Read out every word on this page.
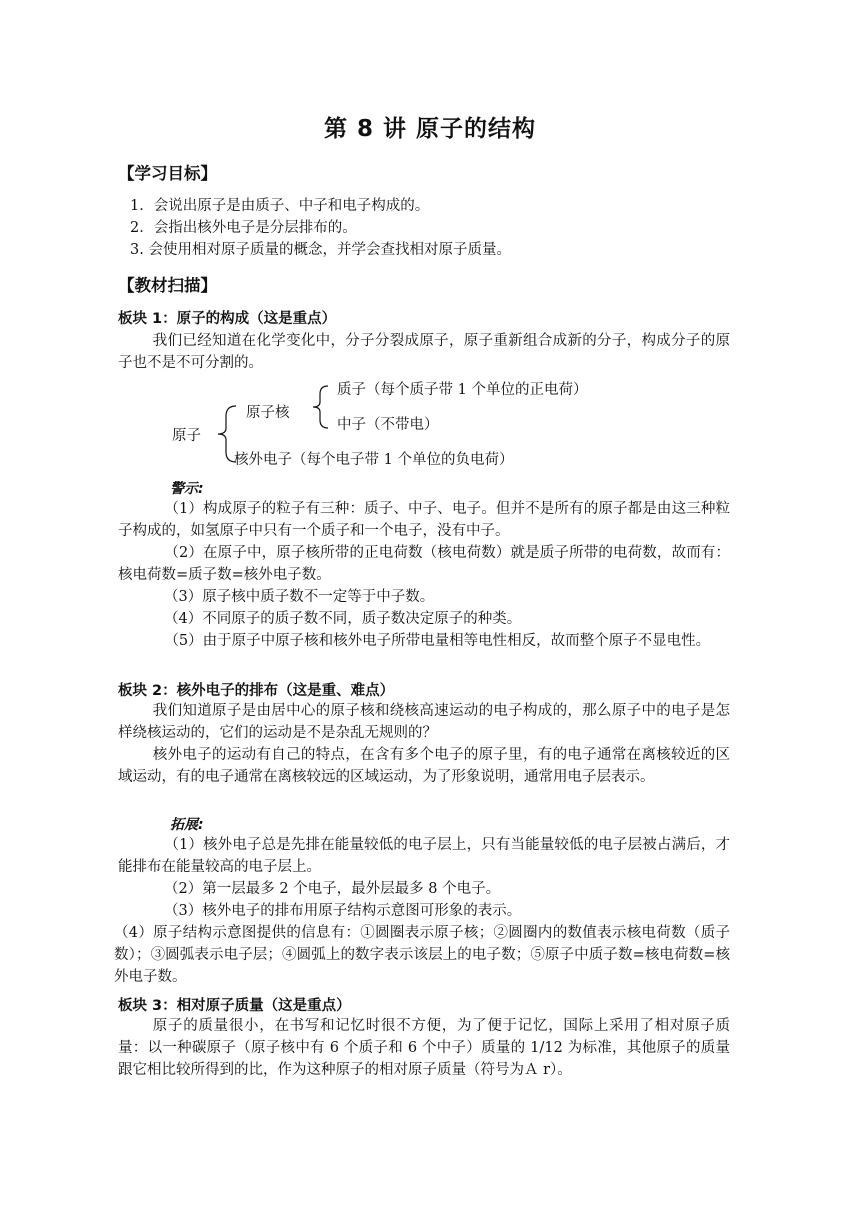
第 8 讲 原子的结构
【学习目标】
1．会说出原子是由质子、中子和电子构成的。
2．会指出核外电子是分层排布的。
3. 会使用相对原子质量的概念，并学会查找相对原子质量。
【教材扫描】
板块 1：原子的构成（这是重点）
我们已经知道在化学变化中，分子分裂成原子，原子重新组合成新的分子，构成分子的原子也不是不可分割的。
原子
原子核
质子（每个质子带 1 个单位的正电荷）
中子（不带电）
核外电子（每个电子带 1 个单位的负电荷）
警示:
（1）构成原子的粒子有三种：质子、中子、电子。但并不是所有的原子都是由这三种粒子构成的，如氢原子中只有一个质子和一个电子，没有中子。
（2）在原子中，原子核所带的正电荷数（核电荷数）就是质子所带的电荷数，故而有：核电荷数=质子数=核外电子数。
（3）原子核中质子数不一定等于中子数。
（4）不同原子的质子数不同，质子数决定原子的种类。
（5）由于原子中原子核和核外电子所带电量相等电性相反，故而整个原子不显电性。
板块 2：核外电子的排布（这是重、难点）
我们知道原子是由居中心的原子核和绕核高速运动的电子构成的，那么原子中的电子是怎样绕核运动的，它们的运动是不是杂乱无规则的？
核外电子的运动有自己的特点，在含有多个电子的原子里，有的电子通常在离核较近的区域运动，有的电子通常在离核较远的区域运动，为了形象说明，通常用电子层表示。
拓展:
（1）核外电子总是先排在能量较低的电子层上，只有当能量较低的电子层被占满后，才能排布在能量较高的电子层上。
（2）第一层最多 2 个电子，最外层最多 8 个电子。
（3）核外电子的排布用原子结构示意图可形象的表示。
（4）原子结构示意图提供的信息有：①圆圈表示原子核；②圆圈内的数值表示核电荷数（质子数）；③圆弧表示电子层；④圆弧上的数字表示该层上的电子数；⑤原子中质子数=核电荷数=核外电子数。
板块 3：相对原子质量（这是重点）
原子的质量很小，在书写和记忆时很不方便，为了便于记忆，国际上采用了相对原子质量：以一种碳原子（原子核中有 6 个质子和 6 个中子）质量的 1/12 为标准，其他原子的质量跟它相比较所得到的比，作为这种原子的相对原子质量（符号为Ａ r）。
